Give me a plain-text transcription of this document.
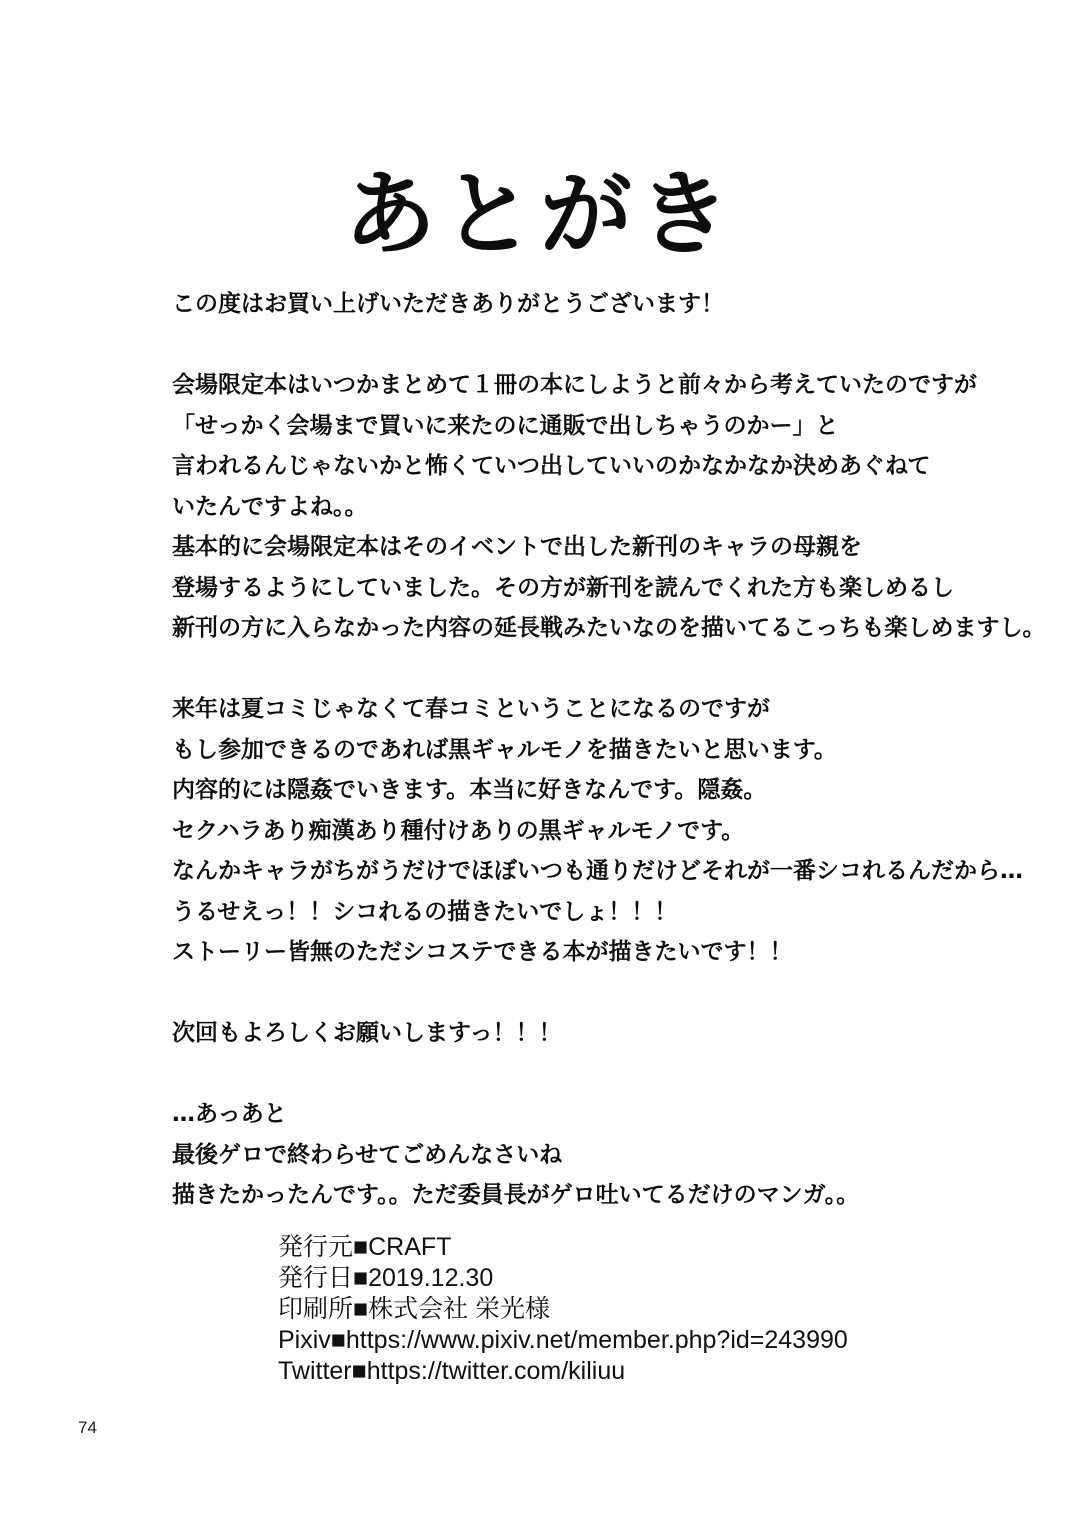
あとがき
この度はお買い上げいただきありがとうございます！
会場限定本はいつかまとめて１冊の本にしようと前々から考えていたのですが
「せっかく会場まで買いに来たのに通販で出しちゃうのかー」と
言われるんじゃないかと怖くていつ出していいのかなかなか決めあぐねて
いたんですよね。。
基本的に会場限定本はそのイベントで出した新刊のキャラの母親を
登場するようにしていました。その方が新刊を読んでくれた方も楽しめるし
新刊の方に入らなかった内容の延長戦みたいなのを描いてるこっちも楽しめますし。
来年は夏コミじゃなくて春コミということになるのですが
もし参加できるのであれば黒ギャルモノを描きたいと思います。
内容的には隠姦でいきます。本当に好きなんです。隠姦。
セクハラあり痴漢あり種付けありの黒ギャルモノです。
なんかキャラがちがうだけでほぼいつも通りだけどそれが一番シコれるんだから…
うるせえっ！！シコれるの描きたいでしょ！！！
ストーリー皆無のただシコステできる本が描きたいです！！
次回もよろしくお願いしますっ！！！
…あっあと
最後ゲロで終わらせてごめんなさいね
描きたかったんです。。ただ委員長がゲロ吐いてるだけのマンガ。。
発行元■CRAFT
発行日■2019.12.30
印刷所■株式会社 栄光様
Pixiv■https://www.pixiv.net/member.php?id=243990
Twitter■https://twitter.com/kiliuu
74
